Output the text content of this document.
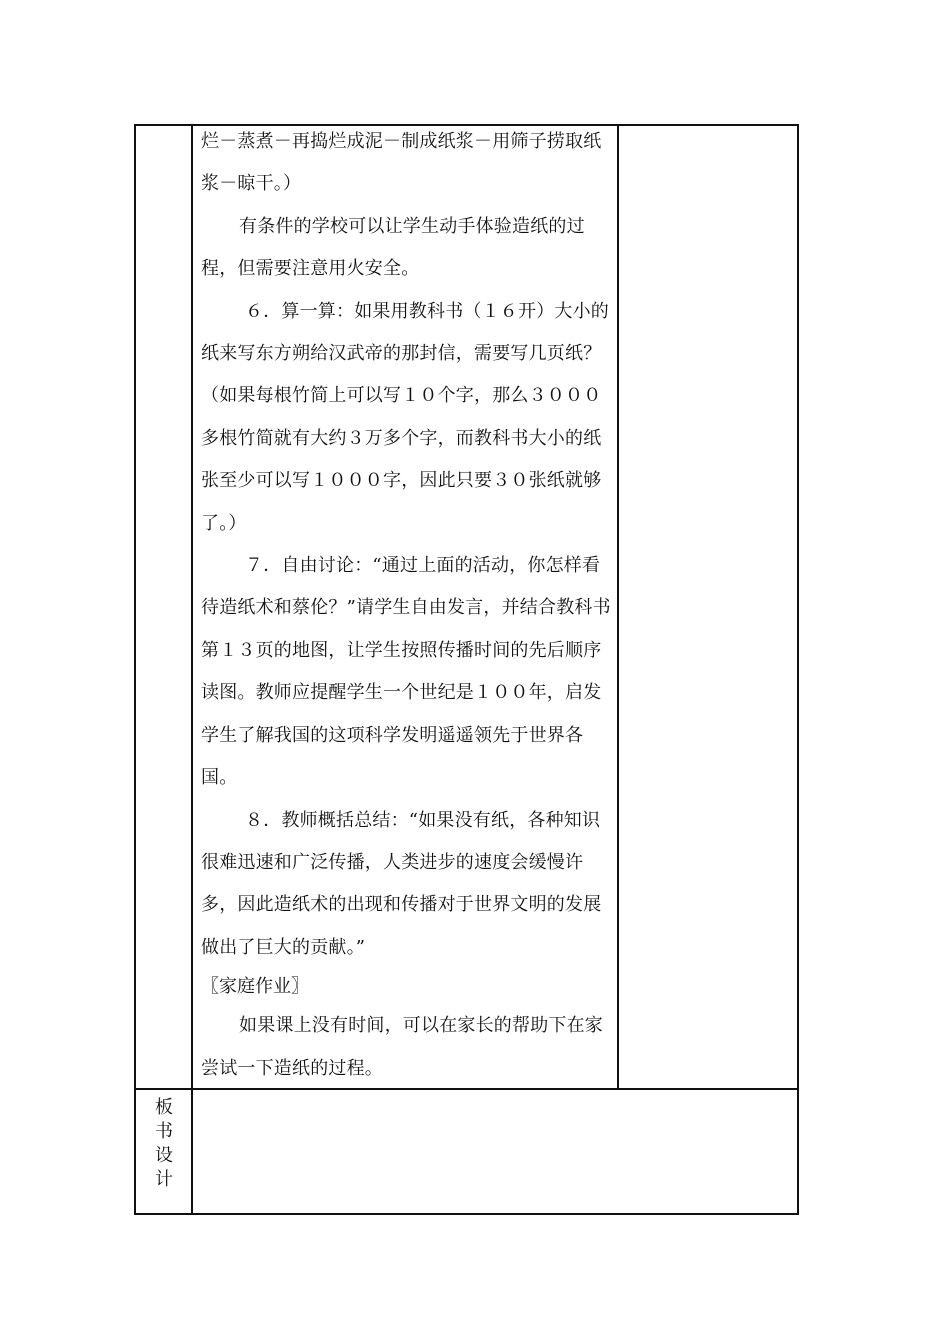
烂－蒸煮－再捣烂成泥－制成纸浆－用筛子捞取纸浆－晾干。）

有条件的学校可以让学生动手体验造纸的过程，但需要注意用火安全。

６．算一算：如果用教科书（１６开）大小的纸来写东方朔给汉武帝的那封信，需要写几页纸？（如果每根竹简上可以写１０个字，那么３０００多根竹简就有大约３万多个字，而教科书大小的纸张至少可以写１０００字，因此只要３０张纸就够了。）

７．自由讨论：“通过上面的活动，你怎样看待造纸术和蔡伦？”请学生自由发言，并结合教科书第１３页的地图，让学生按照传播时间的先后顺序读图。教师应提醒学生一个世纪是１００年，启发学生了解我国的这项科学发明遥遥领先于世界各国。

８．教师概括总结：“如果没有纸，各种知识很难迅速和广泛传播，人类进步的速度会缓慢许多，因此造纸术的出现和传播对于世界文明的发展做出了巨大的贡献。”

〖家庭作业〗

如果课上没有时间，可以在家长的帮助下在家尝试一下造纸的过程。

板
书
设
计
